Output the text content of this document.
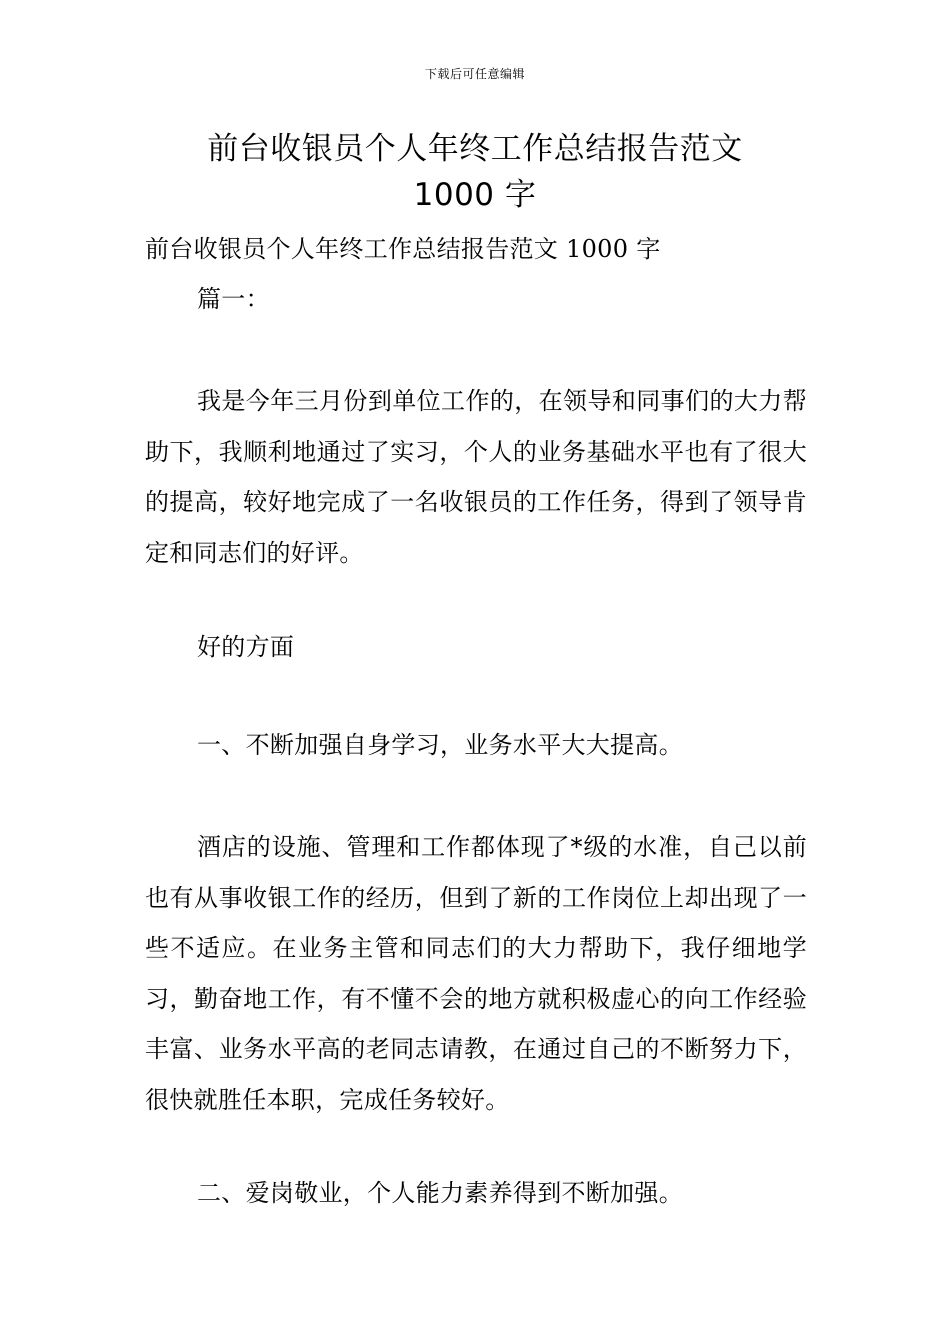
下载后可任意编辑
前台收银员个人年终工作总结报告范文
1000 字

前台收银员个人年终工作总结报告范文 1000 字

篇一：

我是今年三月份到单位工作的，在领导和同事们的大力帮助下，我顺利地通过了实习，个人的业务基础水平也有了很大的提高，较好地完成了一名收银员的工作任务，得到了领导肯定和同志们的好评。

好的方面

一、不断加强自身学习，业务水平大大提高。

酒店的设施、管理和工作都体现了*级的水准，自己以前也有从事收银工作的经历，但到了新的工作岗位上却出现了一些不适应。在业务主管和同志们的大力帮助下，我仔细地学习，勤奋地工作，有不懂不会的地方就积极虚心的向工作经验丰富、业务水平高的老同志请教，在通过自己的不断努力下，很快就胜任本职，完成任务较好。

二、爱岗敬业，个人能力素养得到不断加强。
